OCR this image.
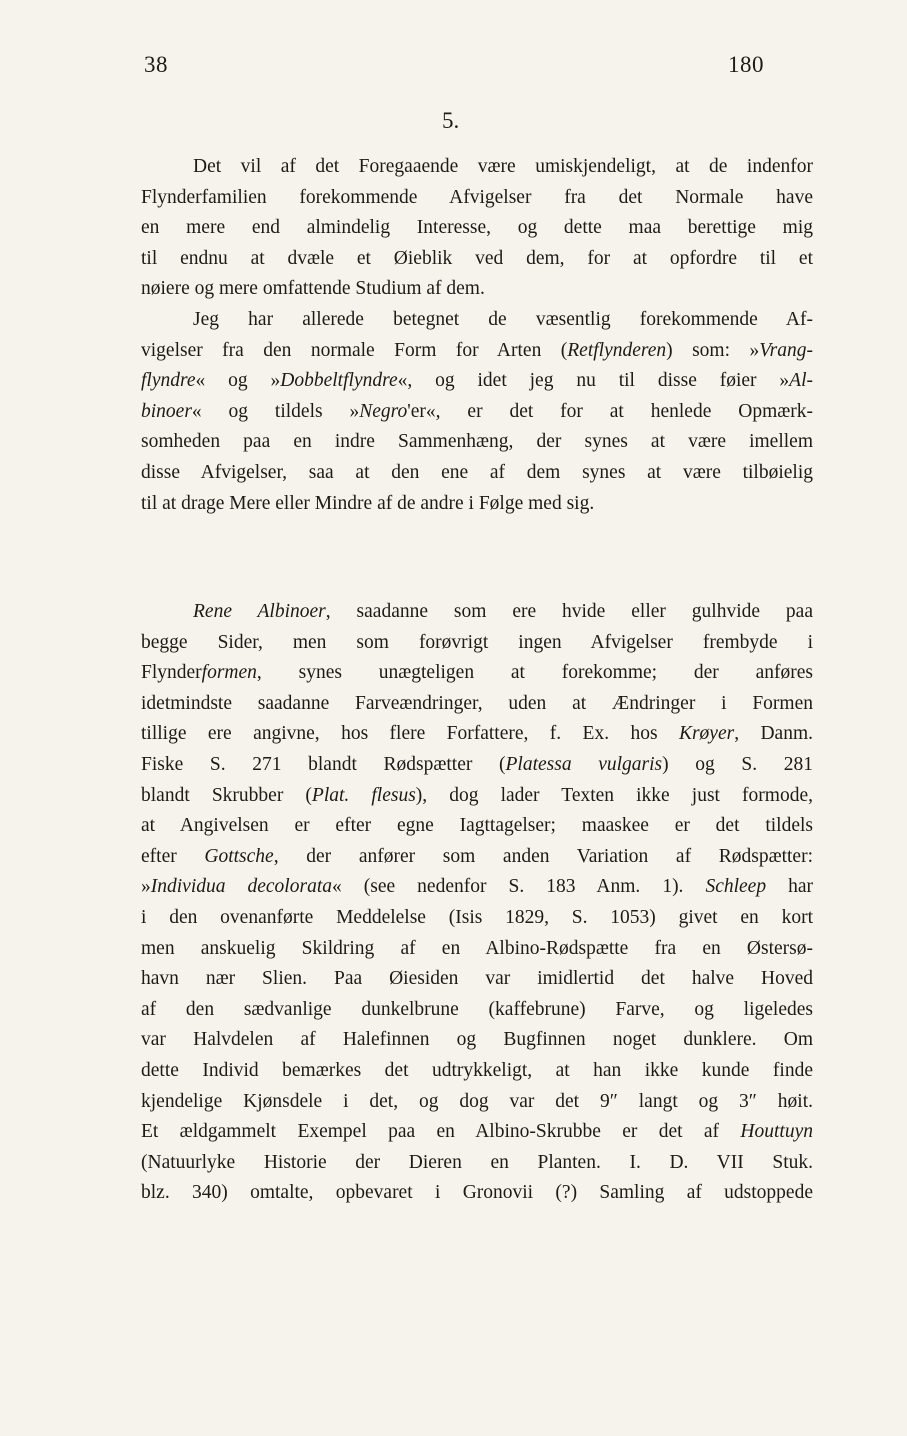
38	180
5.
Det vil af det Foregaaende være umiskjendeligt, at de indenfor
Flynderfamilien forekommende Afvigelser fra det Normale have
en mere end almindelig Interesse, og dette maa berettige mig
til endnu at dvæle et Øieblik ved dem, for at opfordre til et
nøiere og mere omfattende Studium af dem.
Jeg har allerede betegnet de væsentlig forekommende Af-
vigelser fra den normale Form for Arten (Retflynderen) som: »Vrang-
flyndre« og »Dobbeltflyndre«, og idet jeg nu til disse føier »Al-
binoer« og tildels »Negro'er«, er det for at henlede Opmærk-
somheden paa en indre Sammenhæng, der synes at være imellem
disse Afvigelser, saa at den ene af dem synes at være tilbøielig
til at drage Mere eller Mindre af de andre i Følge med sig.
Rene Albinoer, saadanne som ere hvide eller gulhvide paa
begge Sider, men som forøvrigt ingen Afvigelser frembyde i
Flynderformen, synes unægteligen at forekomme; der anføres
idetmindste saadanne Farveændringer, uden at Ændringer i Formen
tillige ere angivne, hos flere Forfattere, f. Ex. hos Krøyer, Danm.
Fiske S. 271 blandt Rødspætter (Platessa vulgaris) og S. 281
blandt Skrubber (Plat. flesus), dog lader Texten ikke just formode,
at Angivelsen er efter egne Iagttagelser; maaskee er det tildels
efter Gottsche, der anfører som anden Variation af Rødspætter:
»Individua decolorata« (see nedenfor S. 183 Anm. 1). Schleep har
i den ovenanførte Meddelelse (Isis 1829, S. 1053) givet en kort
men anskuelig Skildring af en Albino-Rødspætte fra en Østersø-
havn nær Slien. Paa Øiesiden var imidlertid det halve Hoved
af den sædvanlige dunkelbrune (kaffebrune) Farve, og ligeledes
var Halvdelen af Halefinnen og Bugfinnen noget dunklere. Om
dette Individ bemærkes det udtrykkeligt, at han ikke kunde finde
kjendelige Kjønsdele i det, og dog var det 9″ langt og 3″ høit.
Et ældgammelt Exempel paa en Albino-Skrubbe er det af Houttuyn
(Natuurlyke Historie der Dieren en Planten. I. D. VII Stuk.
blz. 340) omtalte, opbevaret i Gronovii (?) Samling af udstoppede
